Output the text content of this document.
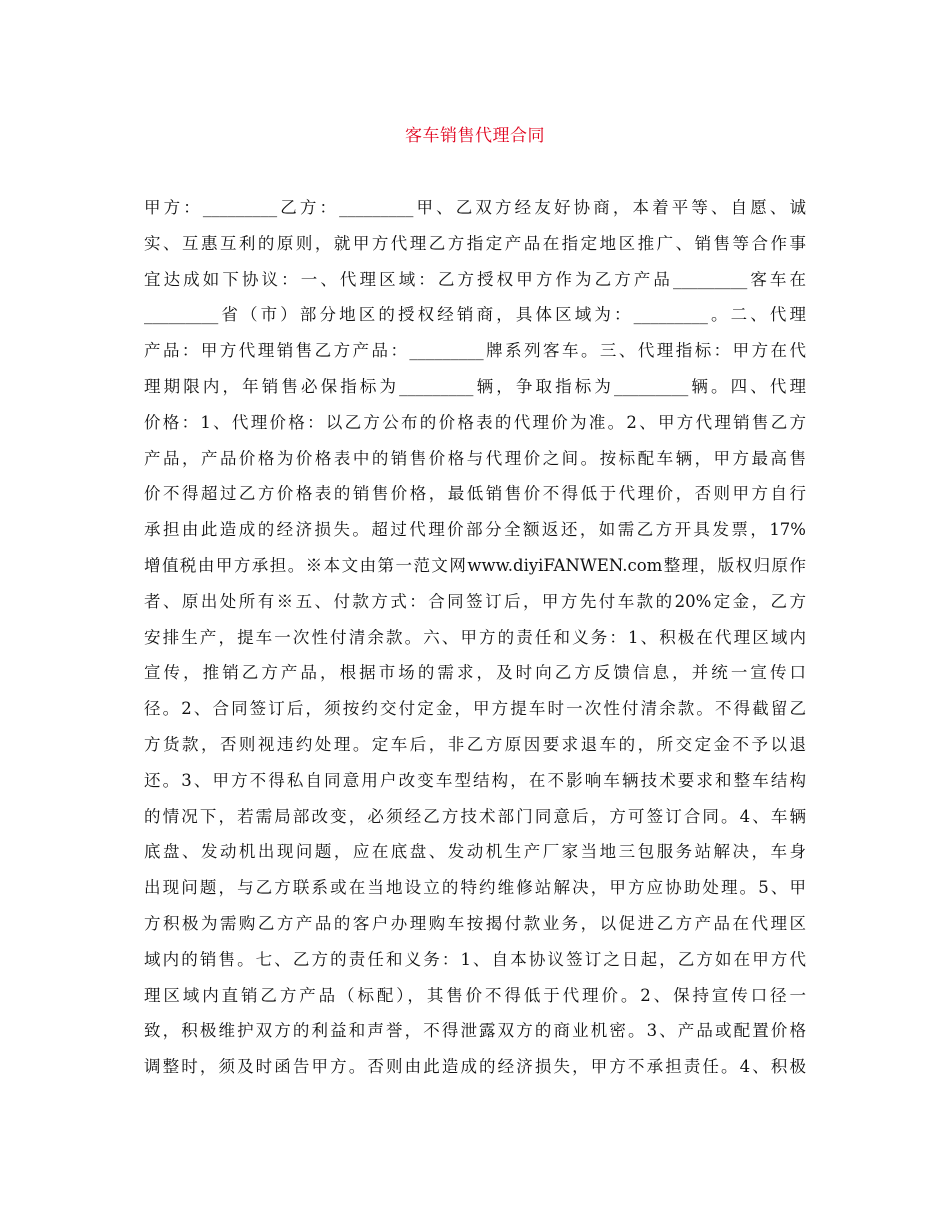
客车销售代理合同
甲方：_________乙方：_________甲、乙双方经友好协商，本着平等、自愿、诚
实、互惠互利的原则，就甲方代理乙方指定产品在指定地区推广、销售等合作事
宜达成如下协议：一、代理区域：乙方授权甲方作为乙方产品_________客车在
_________省（市）部分地区的授权经销商，具体区域为：_________。二、代理
产品：甲方代理销售乙方产品：_________牌系列客车。三、代理指标：甲方在代
理期限内，年销售必保指标为_________辆，争取指标为_________辆。四、代理
价格：1、代理价格：以乙方公布的价格表的代理价为准。2、甲方代理销售乙方
产品，产品价格为价格表中的销售价格与代理价之间。按标配车辆，甲方最高售
价不得超过乙方价格表的销售价格，最低销售价不得低于代理价，否则甲方自行
承担由此造成的经济损失。超过代理价部分全额返还，如需乙方开具发票，17%
增值税由甲方承担。※本文由第一范文网www.diyiFANWEN.com整理，版权归原作
者、原出处所有※五、付款方式：合同签订后，甲方先付车款的20%定金，乙方
安排生产，提车一次性付清余款。六、甲方的责任和义务：1、积极在代理区域内
宣传，推销乙方产品，根据市场的需求，及时向乙方反馈信息，并统一宣传口
径。2、合同签订后，须按约交付定金，甲方提车时一次性付清余款。不得截留乙
方货款，否则视违约处理。定车后，非乙方原因要求退车的，所交定金不予以退
还。3、甲方不得私自同意用户改变车型结构，在不影响车辆技术要求和整车结构
的情况下，若需局部改变，必须经乙方技术部门同意后，方可签订合同。4、车辆
底盘、发动机出现问题，应在底盘、发动机生产厂家当地三包服务站解决，车身
出现问题，与乙方联系或在当地设立的特约维修站解决，甲方应协助处理。5、甲
方积极为需购乙方产品的客户办理购车按揭付款业务，以促进乙方产品在代理区
域内的销售。七、乙方的责任和义务：1、自本协议签订之日起，乙方如在甲方代
理区域内直销乙方产品（标配），其售价不得低于代理价。2、保持宣传口径一
致，积极维护双方的利益和声誉，不得泄露双方的商业机密。3、产品或配置价格
调整时，须及时函告甲方。否则由此造成的经济损失，甲方不承担责任。4、积极
